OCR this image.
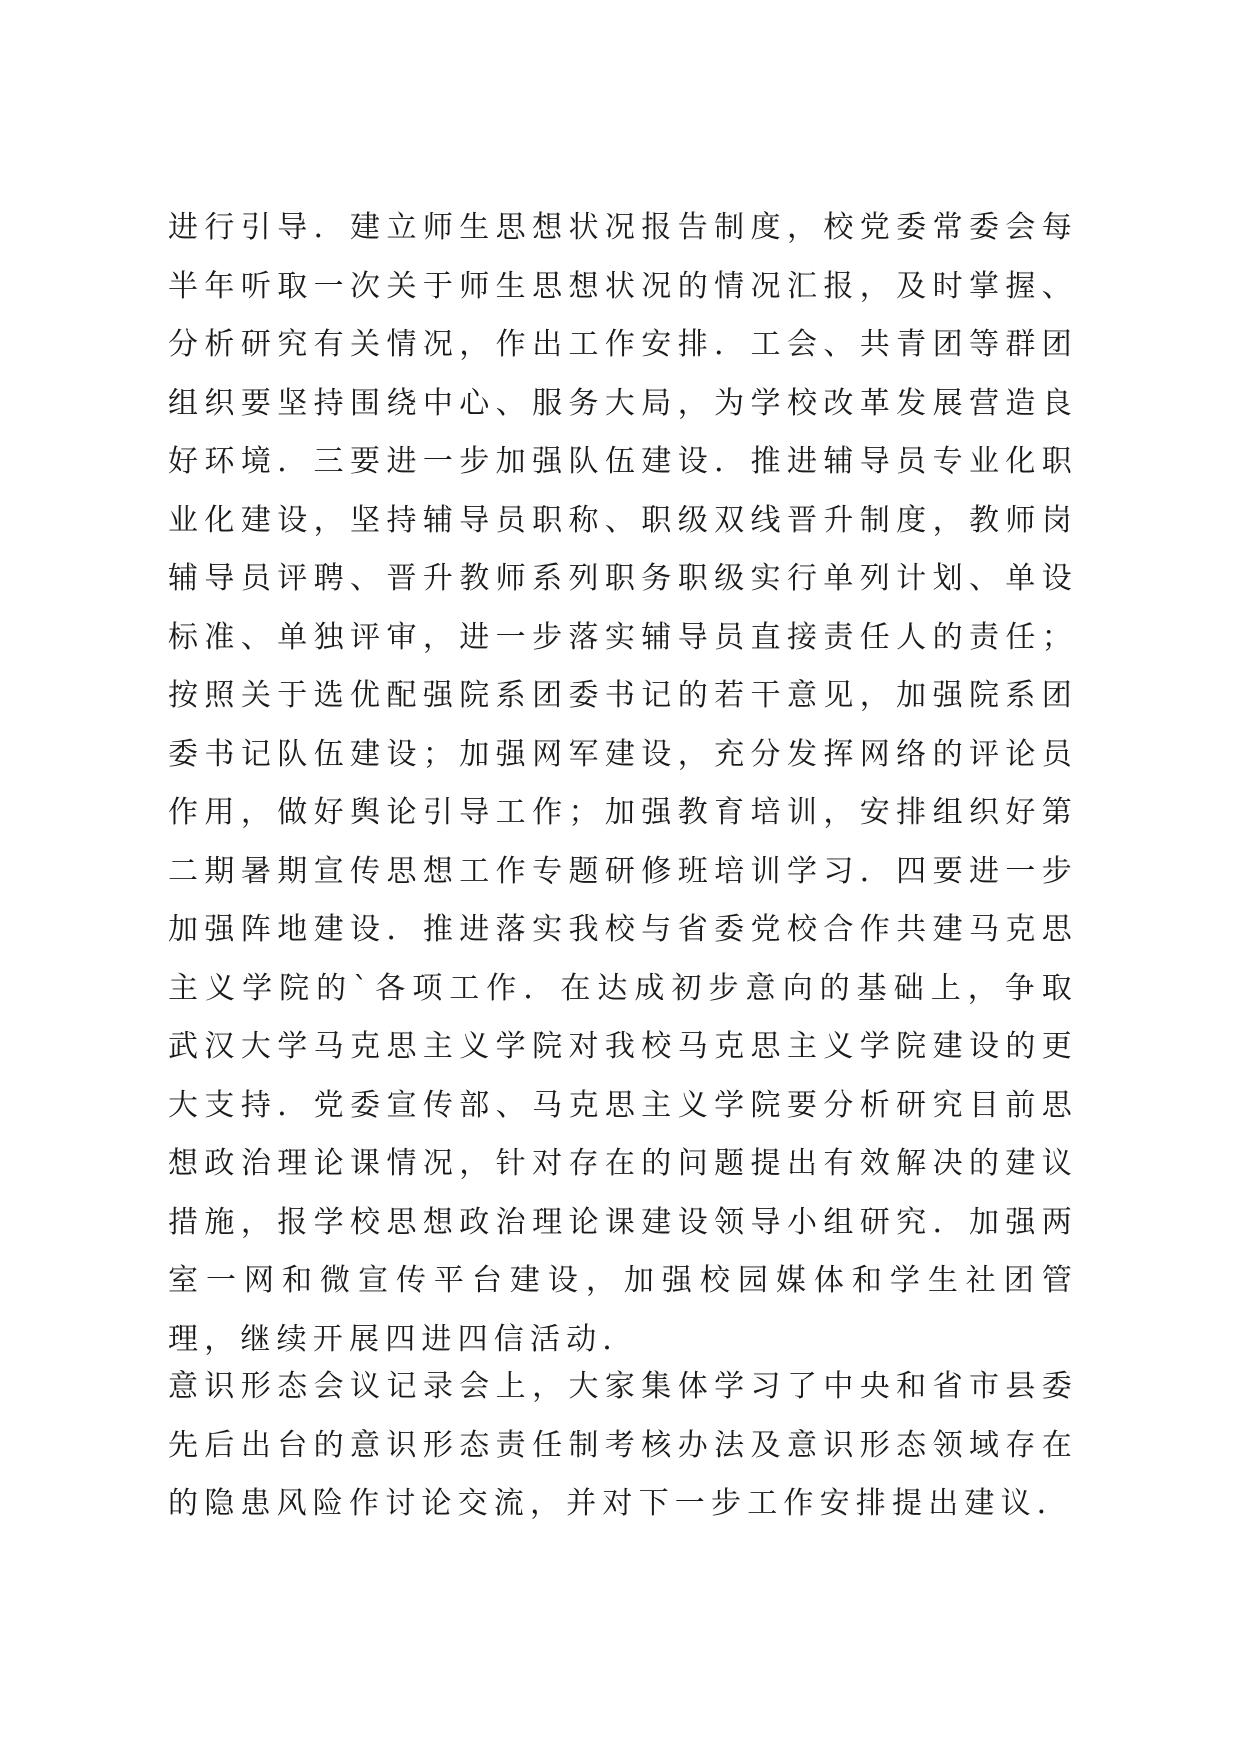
进行引导．建立师生思想状况报告制度，校党委常委会每半年听取一次关于师生思想状况的情况汇报，及时掌握、分析研究有关情况，作出工作安排．工会、共青团等群团组织要坚持围绕中心、服务大局，为学校改革发展营造良好环境．三要进一步加强队伍建设．推进辅导员专业化职业化建设，坚持辅导员职称、职级双线晋升制度，教师岗辅导员评聘、晋升教师系列职务职级实行单列计划、单设标准、单独评审，进一步落实辅导员直接责任人的责任；按照关于选优配强院系团委书记的若干意见，加强院系团委书记队伍建设；加强网军建设，充分发挥网络的评论员作用，做好舆论引导工作；加强教育培训，安排组织好第二期暑期宣传思想工作专题研修班培训学习．四要进一步加强阵地建设．推进落实我校与省委党校合作共建马克思主义学院的`各项工作．在达成初步意向的基础上，争取武汉大学马克思主义学院对我校马克思主义学院建设的更大支持．党委宣传部、马克思主义学院要分析研究目前思想政治理论课情况，针对存在的问题提出有效解决的建议措施，报学校思想政治理论课建设领导小组研究．加强两室一网和微宣传平台建设，加强校园媒体和学生社团管理，继续开展四进四信活动．

意识形态会议记录会上，大家集体学习了中央和省市县委先后出台的意识形态责任制考核办法及意识形态领域存在的隐患风险作讨论交流，并对下一步工作安排提出建议．
